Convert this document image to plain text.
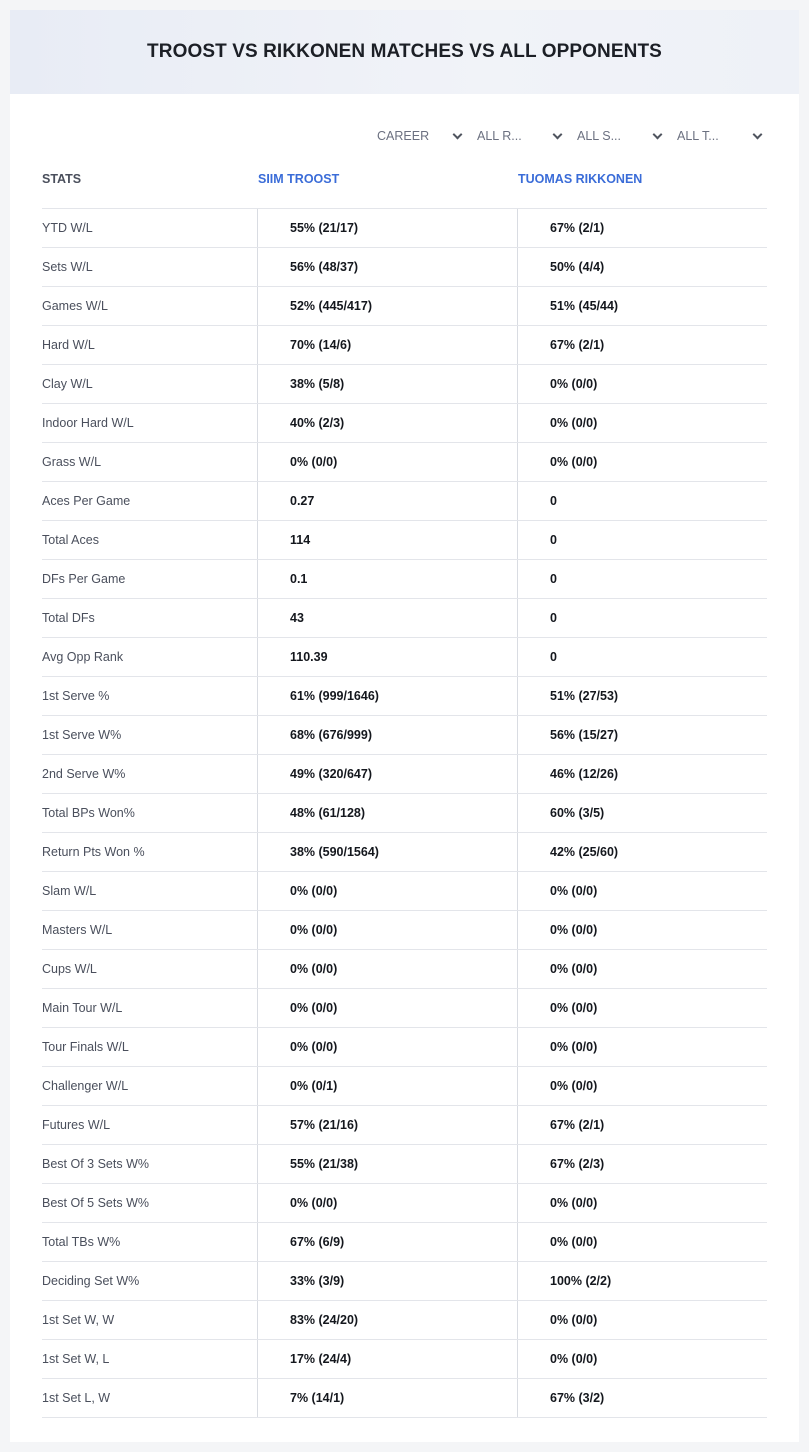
TROOST VS RIKKONEN MATCHES VS ALL OPPONENTS
CAREER	ALL R...	ALL S...	ALL T...
STATS	SIIM TROOST	TUOMAS RIKKONEN
YTD W/L	55% (21/17)	67% (2/1)
Sets W/L	56% (48/37)	50% (4/4)
Games W/L	52% (445/417)	51% (45/44)
Hard W/L	70% (14/6)	67% (2/1)
Clay W/L	38% (5/8)	0% (0/0)
Indoor Hard W/L	40% (2/3)	0% (0/0)
Grass W/L	0% (0/0)	0% (0/0)
Aces Per Game	0.27	0
Total Aces	114	0
DFs Per Game	0.1	0
Total DFs	43	0
Avg Opp Rank	110.39	0
1st Serve %	61% (999/1646)	51% (27/53)
1st Serve W%	68% (676/999)	56% (15/27)
2nd Serve W%	49% (320/647)	46% (12/26)
Total BPs Won%	48% (61/128)	60% (3/5)
Return Pts Won %	38% (590/1564)	42% (25/60)
Slam W/L	0% (0/0)	0% (0/0)
Masters W/L	0% (0/0)	0% (0/0)
Cups W/L	0% (0/0)	0% (0/0)
Main Tour W/L	0% (0/0)	0% (0/0)
Tour Finals W/L	0% (0/0)	0% (0/0)
Challenger W/L	0% (0/1)	0% (0/0)
Futures W/L	57% (21/16)	67% (2/1)
Best Of 3 Sets W%	55% (21/38)	67% (2/3)
Best Of 5 Sets W%	0% (0/0)	0% (0/0)
Total TBs W%	67% (6/9)	0% (0/0)
Deciding Set W%	33% (3/9)	100% (2/2)
1st Set W, W	83% (24/20)	0% (0/0)
1st Set W, L	17% (24/4)	0% (0/0)
1st Set L, W	7% (14/1)	67% (3/2)
